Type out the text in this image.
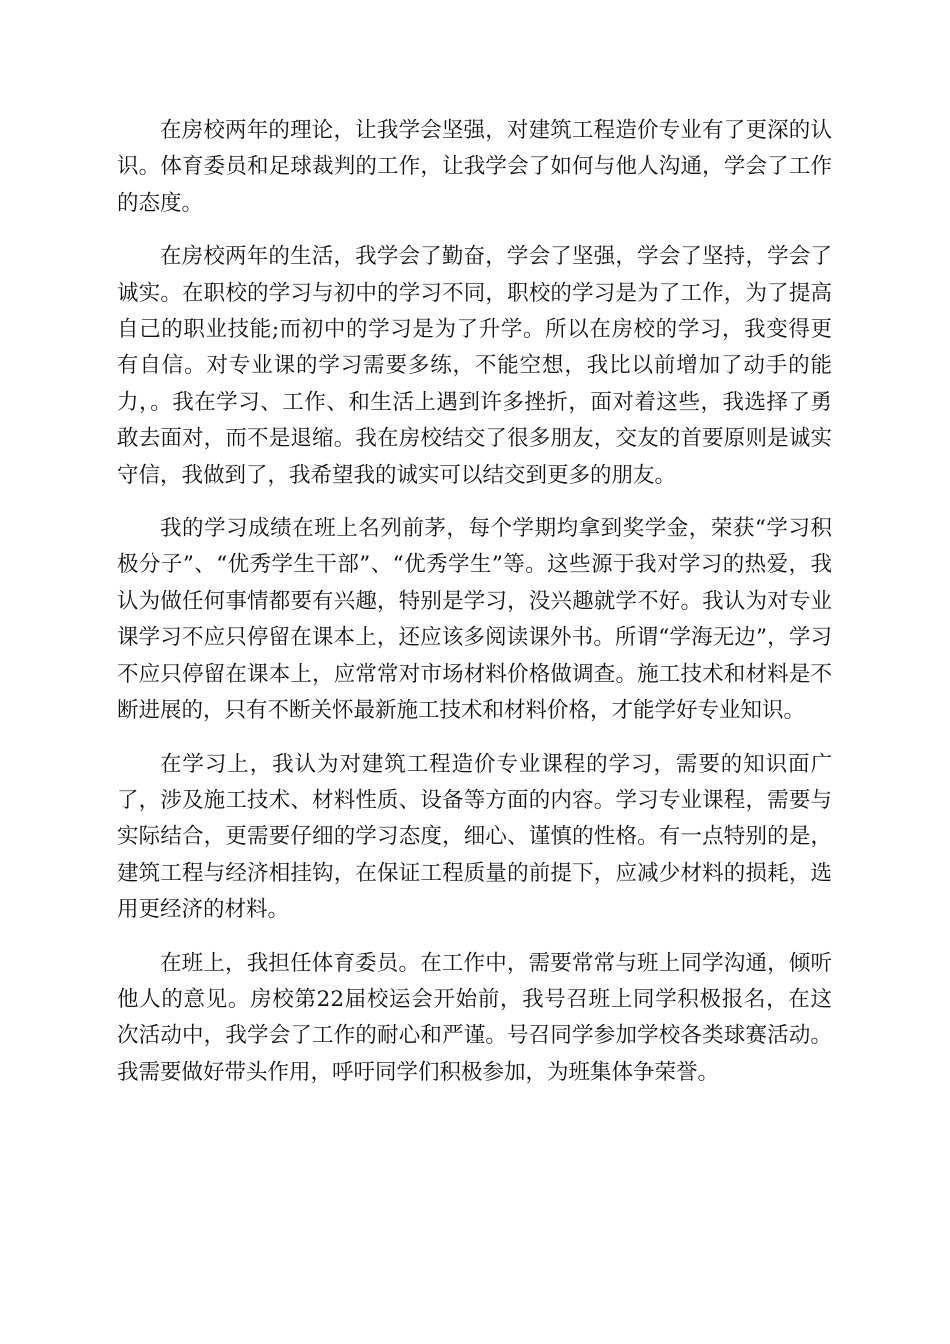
在房校两年的理论，让我学会坚强，对建筑工程造价专业有了更深的认识。体育委员和足球裁判的工作，让我学会了如何与他人沟通，学会了工作的态度。

在房校两年的生活，我学会了勤奋，学会了坚强，学会了坚持，学会了诚实。在职校的学习与初中的学习不同，职校的学习是为了工作，为了提高自己的职业技能;而初中的学习是为了升学。所以在房校的学习，我变得更有自信。对专业课的学习需要多练，不能空想，我比以前增加了动手的能力，。我在学习、工作、和生活上遇到许多挫折，面对着这些，我选择了勇敢去面对，而不是退缩。我在房校结交了很多朋友，交友的首要原则是诚实守信，我做到了，我希望我的诚实可以结交到更多的朋友。

我的学习成绩在班上名列前茅，每个学期均拿到奖学金，荣获“学习积极分子”、“优秀学生干部”、“优秀学生”等。这些源于我对学习的热爱，我认为做任何事情都要有兴趣，特别是学习，没兴趣就学不好。我认为对专业课学习不应只停留在课本上，还应该多阅读课外书。所谓“学海无边”，学习不应只停留在课本上，应常常对市场材料价格做调查。施工技术和材料是不断进展的，只有不断关怀最新施工技术和材料价格，才能学好专业知识。

在学习上，我认为对建筑工程造价专业课程的学习，需要的知识面广了，涉及施工技术、材料性质、设备等方面的内容。学习专业课程，需要与实际结合，更需要仔细的学习态度，细心、谨慎的性格。有一点特别的是，建筑工程与经济相挂钩，在保证工程质量的前提下，应减少材料的损耗，选用更经济的材料。

在班上，我担任体育委员。在工作中，需要常常与班上同学沟通，倾听他人的意见。房校第22届校运会开始前，我号召班上同学积极报名，在这次活动中，我学会了工作的耐心和严谨。号召同学参加学校各类球赛活动。我需要做好带头作用，呼吁同学们积极参加，为班集体争荣誉。
